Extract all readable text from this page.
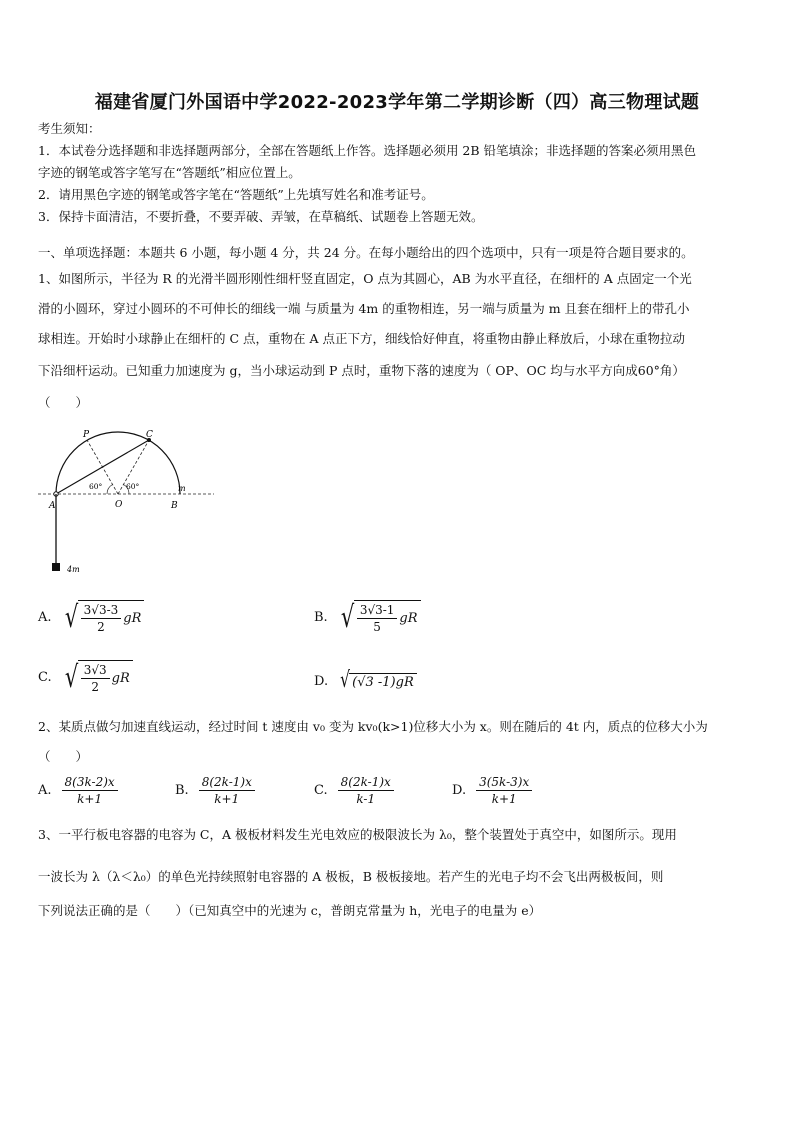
福建省厦门外国语中学2022-2023学年第二学期诊断（四）高三物理试题
考生须知：
1．本试卷分选择题和非选择题两部分，全部在答题纸上作答。选择题必须用 2B 铅笔填涂；非选择题的答案必须用黑色
字迹的钢笔或答字笔写在“答题纸”相应位置上。
2．请用黑色字迹的钢笔或答字笔在“答题纸”上先填写姓名和准考证号。
3．保持卡面清洁，不要折叠，不要弄破、弄皱，在草稿纸、试题卷上答题无效。
一、单项选择题：本题共 6 小题，每小题 4 分，共 24 分。在每小题给出的四个选项中，只有一项是符合题目要求的。
1、如图所示，半径为 R 的光滑半圆形刚性细杆竖直固定，O 点为其圆心，AB 为水平直径，在细杆的 A 点固定一个光
滑的小圆环，穿过小圆环的不可伸长的细线一端 与质量为 4m 的重物相连，另一端与质量为 m 且套在细杆上的带孔小
球相连。开始时小球静止在细杆的 C 点，重物在 A 点正下方，细线恰好伸直，将重物由静止释放后，小球在重物拉动
下沿细杆运动。已知重力加速度为 g，当小球运动到 P 点时，重物下落的速度为（ OP、OC 均与水平方向成60°角）
（　　）
P	C
A	O	B
m
4m
60°	60°
A. √ $\frac{3√3-3}{2}$ gR	B. √ $\frac{3√3-1}{5}$ gR
C. √ $\frac{3√3}{2}$ gR	D. √ (√3 -1)gR
2、某质点做匀加速直线运动，经过时间 t 速度由 v₀ 变为 kv₀(k>1)位移大小为 x。则在随后的 4t 内，质点的位移大小为
（　　）
A. $\frac{8(3k-2)x}{k+1}$	B. $\frac{8(2k-1)x}{k+1}$	C. $\frac{8(2k-1)x}{k-1}$	D. $\frac{3(5k-3)x}{k+1}$
3、一平行板电容器的电容为 C，A 极板材料发生光电效应的极限波长为 λ₀，整个装置处于真空中，如图所示。现用
一波长为 λ（λ＜λ₀）的单色光持续照射电容器的 A 极板，B 极板接地。若产生的光电子均不会飞出两极板间，则
下列说法正确的是（　　）（已知真空中的光速为 c，普朗克常量为 h，光电子的电量为 e）
